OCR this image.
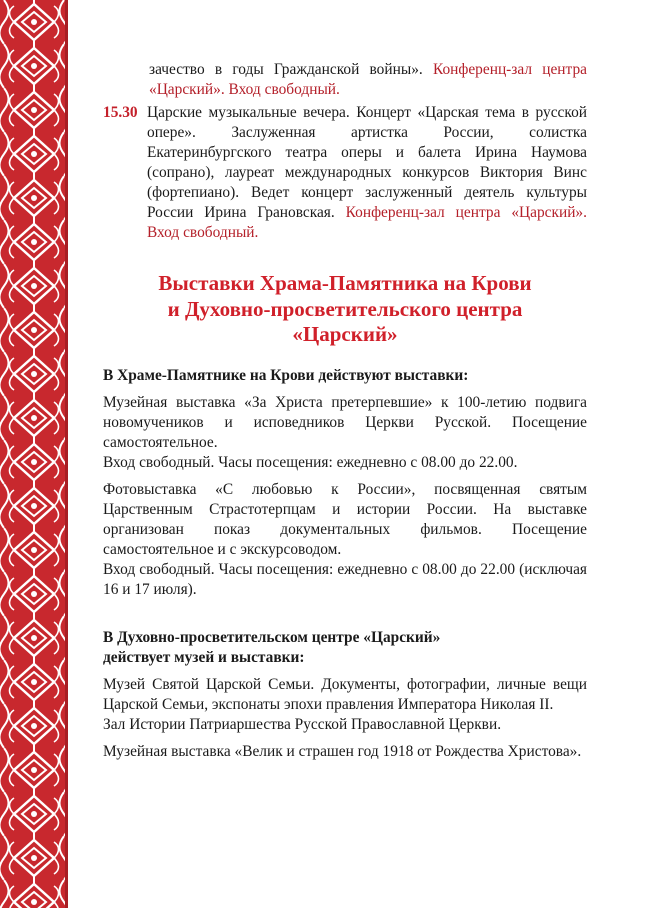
зачество в годы Гражданской войны». Конференц-зал центра «Царский». Вход свободный.
15.30 Царские музыкальные вечера. Концерт «Царская тема в русской опере». Заслуженная артистка России, солистка Екатеринбургского театра оперы и балета Ирина Наумова (сопрано), лауреат международных конкурсов Виктория Винс (фортепиано). Ведет концерт заслуженный деятель культуры России Ирина Грановская. Конференц-зал центра «Царский». Вход свободный.
Выставки Храма-Памятника на Крови
и Духовно-просветительского центра
«Царский»

В Храме-Памятнике на Крови действуют выставки:

Музейная выставка «За Христа претерпевшие» к 100-летию подвига новомучеников и исповедников Церкви Русской. Посещение самостоятельное.

Вход свободный. Часы посещения: ежедневно с 08.00 до 22.00.

Фотовыставка «С любовью к России», посвященная святым Царственным Страстотерпцам и истории России. На выставке организован показ документальных фильмов. Посещение самостоятельное и с экскурсоводом.

Вход свободный. Часы посещения: ежедневно с 08.00 до 22.00 (исключая 16 и 17 июля).

В Духовно-просветительском центре «Царский»
действует музей и выставки:

Музей Святой Царской Семьи. Документы, фотографии, личные вещи Царской Семьи, экспонаты эпохи правления Императора Николая II.

Зал Истории Патриаршества Русской Православной Церкви.

Музейная выставка «Велик и страшен год 1918 от Рождества Христова».
